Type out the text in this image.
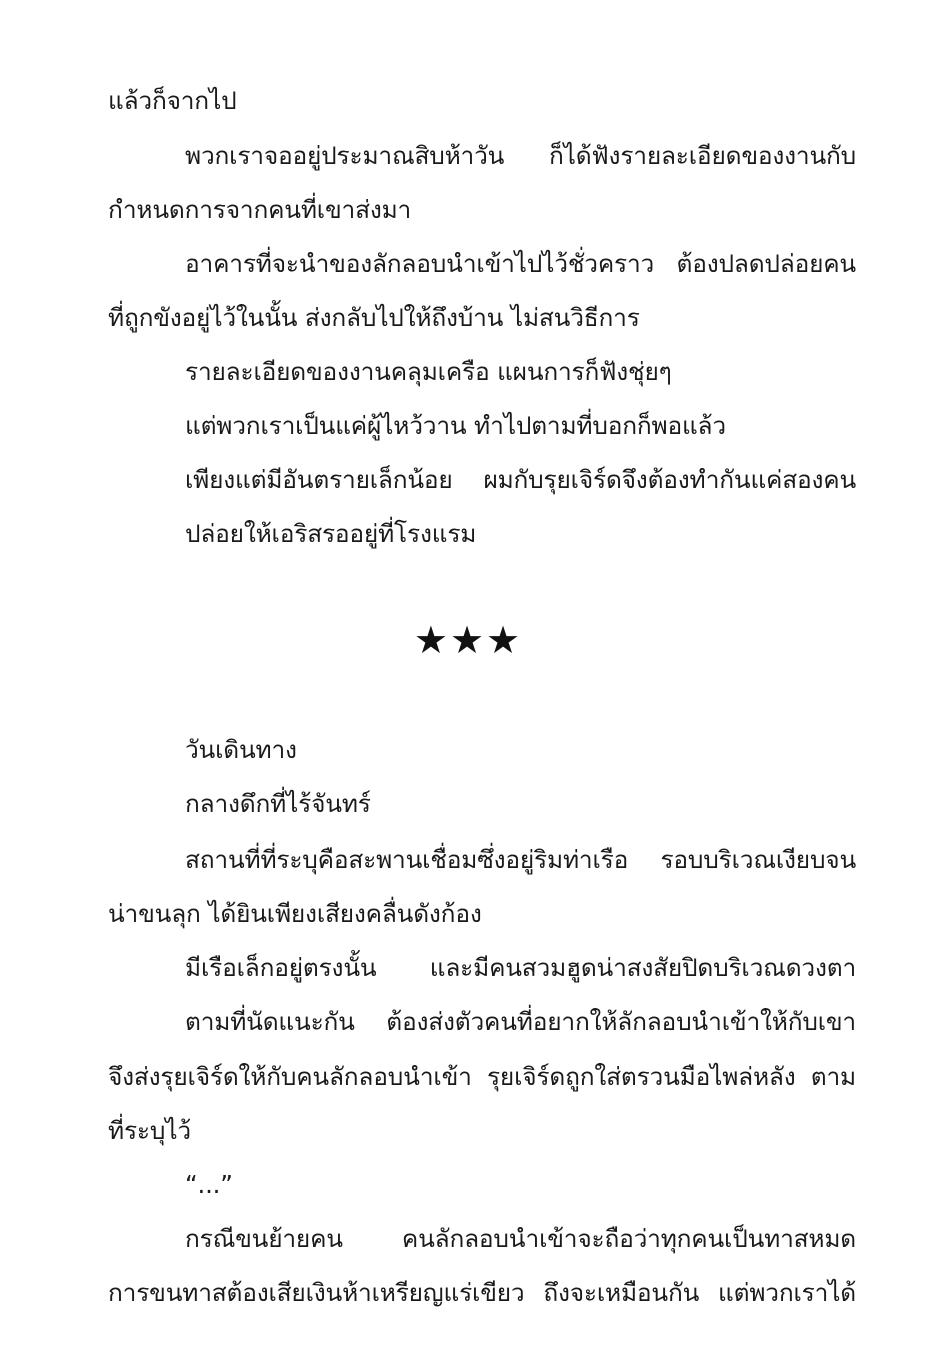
แล้วก็จากไป
พวกเราจออยู่ประมาณสิบห้าวัน ก็ได้ฟังรายละเอียดของงานกับ
กำหนดการจากคนที่เขาส่งมา
อาคารที่จะนำของลักลอบนำเข้าไปไว้ชั่วคราว ต้องปลดปล่อยคน
ที่ถูกขังอยู่ไว้ในนั้น ส่งกลับไปให้ถึงบ้าน ไม่สนวิธีการ
รายละเอียดของงานคลุมเครือ แผนการก็ฟังชุ่ยๆ
แต่พวกเราเป็นแค่ผู้ไหว้วาน ทำไปตามที่บอกก็พอแล้ว
เพียงแต่มีอันตรายเล็กน้อย ผมกับรุยเจิร์ดจึงต้องทำกันแค่สองคน
ปล่อยให้เอริสรออยู่ที่โรงแรม
★★★
วันเดินทาง
กลางดึกที่ไร้จันทร์
สถานที่ที่ระบุคือสะพานเชื่อมซึ่งอยู่ริมท่าเรือ รอบบริเวณเงียบจน
น่าขนลุก ได้ยินเพียงเสียงคลื่นดังก้อง
มีเรือเล็กอยู่ตรงนั้น และมีคนสวมฮูดน่าสงสัยปิดบริเวณดวงตา
ตามที่นัดแนะกัน ต้องส่งตัวคนที่อยากให้ลักลอบนำเข้าให้กับเขา
จึงส่งรุยเจิร์ดให้กับคนลักลอบนำเข้า รุยเจิร์ดถูกใส่ตรวนมือไพล่หลัง ตาม
ที่ระบุไว้
“...”
กรณีขนย้ายคน คนลักลอบนำเข้าจะถือว่าทุกคนเป็นทาสหมด
การขนทาสต้องเสียเงินห้าเหรียญแร่เขียว ถึงจะเหมือนกัน แต่พวกเราได้
